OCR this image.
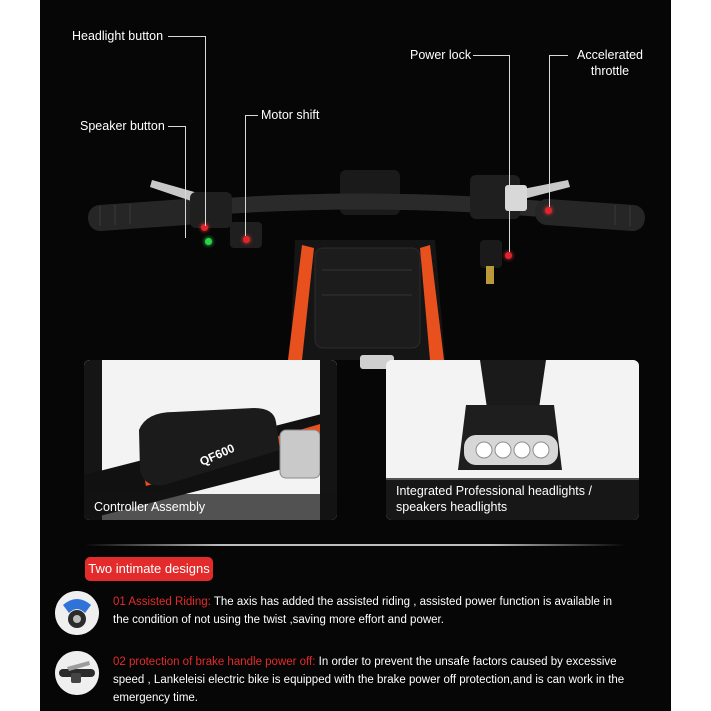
Headlight button
Speaker button
Motor shift
Power lock	Accelerated throttle
QF600
Controller Assembly
Integrated Professional headlights / speakers headlights
Two intimate designs
01 Assisted Riding: The axis has added the assisted riding , assisted power function is available in the condition of not using the twist ,saving more effort and power.
02 protection of brake handle power off: In order to prevent the unsafe factors caused by excessive speed , Lankeleisi electric bike is equipped with the brake power off protection,and is can work in the emergency time.
